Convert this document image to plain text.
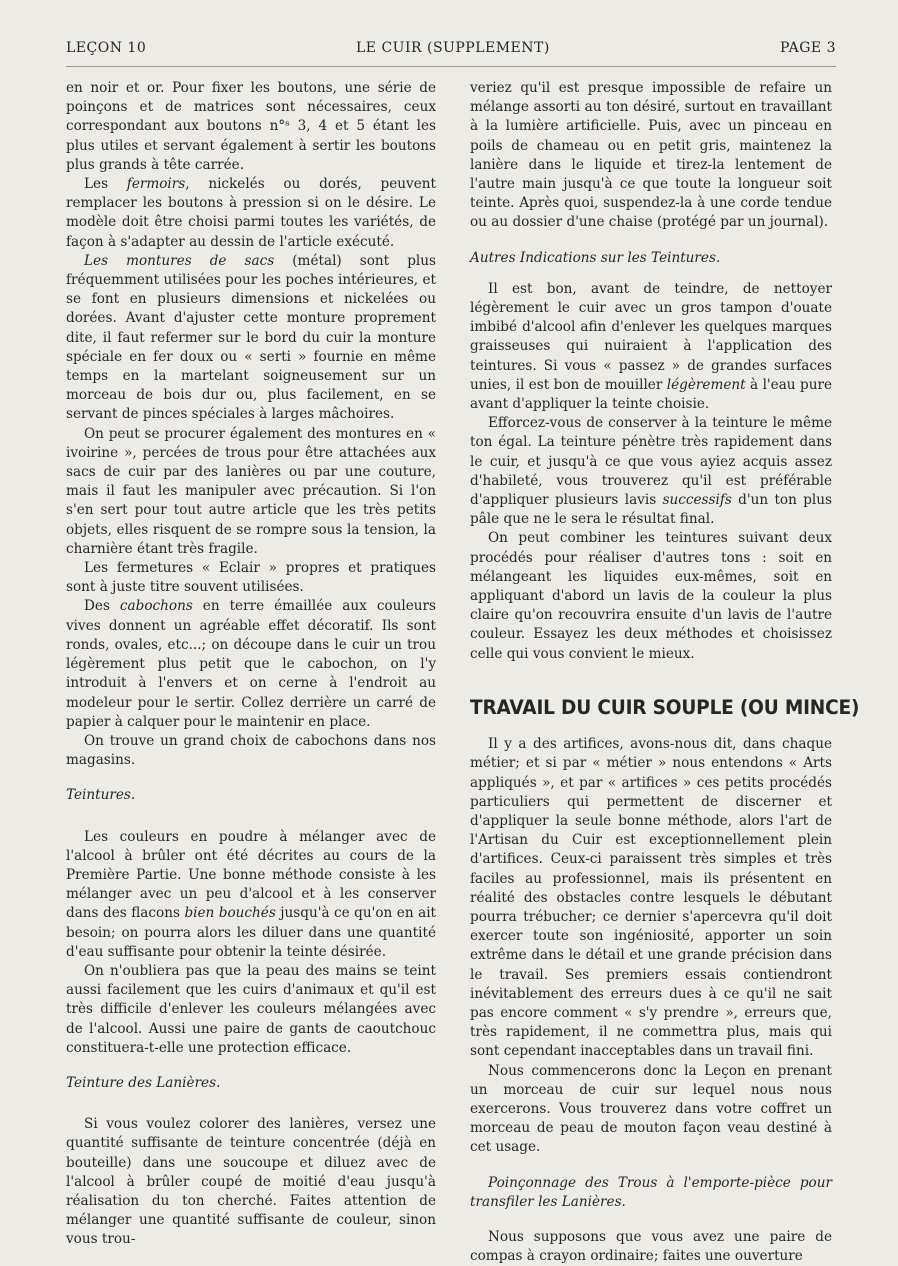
LEÇON 10	LE CUIR (SUPPLEMENT)	PAGE 3

en noir et or. Pour fixer les boutons, une série de poinçons et de matrices sont nécessaires, ceux correspondant aux boutons n°ˢ 3, 4 et 5 étant les plus utiles et servant également à sertir les boutons plus grands à tête carrée.

Les fermoirs, nickelés ou dorés, peuvent remplacer les boutons à pression si on le désire. Le modèle doit être choisi parmi toutes les variétés, de façon à s'adapter au dessin de l'article exécuté.

Les montures de sacs (métal) sont plus fréquemment utilisées pour les poches intérieures, et se font en plusieurs dimensions et nickelées ou dorées. Avant d'ajuster cette monture proprement dite, il faut refermer sur le bord du cuir la monture spéciale en fer doux ou « serti » fournie en même temps en la martelant soigneusement sur un morceau de bois dur ou, plus facilement, en se servant de pinces spéciales à larges mâchoires.

On peut se procurer également des montures en « ivoirine », percées de trous pour être attachées aux sacs de cuir par des lanières ou par une couture, mais il faut les manipuler avec précaution. Si l'on s'en sert pour tout autre article que les très petits objets, elles risquent de se rompre sous la tension, la charnière étant très fragile.

Les fermetures « Eclair » propres et pratiques sont à juste titre souvent utilisées.

Des cabochons en terre émaillée aux couleurs vives donnent un agréable effet décoratif. Ils sont ronds, ovales, etc...; on découpe dans le cuir un trou légèrement plus petit que le cabochon, on l'y introduit à l'envers et on cerne à l'endroit au modeleur pour le sertir. Collez derrière un carré de papier à calquer pour le maintenir en place.

On trouve un grand choix de cabochons dans nos magasins.

Teintures.

Les couleurs en poudre à mélanger avec de l'alcool à brûler ont été décrites au cours de la Première Partie. Une bonne méthode consiste à les mélanger avec un peu d'alcool et à les conserver dans des flacons bien bouchés jusqu'à ce qu'on en ait besoin; on pourra alors les diluer dans une quantité d'eau suffisante pour obtenir la teinte désirée.

On n'oubliera pas que la peau des mains se teint aussi facilement que les cuirs d'animaux et qu'il est très difficile d'enlever les couleurs mélangées avec de l'alcool. Aussi une paire de gants de caoutchouc constituera-t-elle une protection efficace.

Teinture des Lanières.

Si vous voulez colorer des lanières, versez une quantité suffisante de teinture concentrée (déjà en bouteille) dans une soucoupe et diluez avec de l'alcool à brûler coupé de moitié d'eau jusqu'à réalisation du ton cherché. Faites attention de mélanger une quantité suffisante de couleur, sinon vous trou-

veriez qu'il est presque impossible de refaire un mélange assorti au ton désiré, surtout en travaillant à la lumière artificielle. Puis, avec un pinceau en poils de chameau ou en petit gris, maintenez la lanière dans le liquide et tirez-la lentement de l'autre main jusqu'à ce que toute la longueur soit teinte. Après quoi, suspendez-la à une corde tendue ou au dossier d'une chaise (protégé par un journal).

Autres Indications sur les Teintures.

Il est bon, avant de teindre, de nettoyer légèrement le cuir avec un gros tampon d'ouate imbibé d'alcool afin d'enlever les quelques marques graisseuses qui nuiraient à l'application des teintures. Si vous « passez » de grandes surfaces unies, il est bon de mouiller légèrement à l'eau pure avant d'appliquer la teinte choisie.

Efforcez-vous de conserver à la teinture le même ton égal. La teinture pénètre très rapidement dans le cuir, et jusqu'à ce que vous ayiez acquis assez d'habileté, vous trouverez qu'il est préférable d'appliquer plusieurs lavis successifs d'un ton plus pâle que ne le sera le résultat final.

On peut combiner les teintures suivant deux procédés pour réaliser d'autres tons : soit en mélangeant les liquides eux-mêmes, soit en appliquant d'abord un lavis de la couleur la plus claire qu'on recouvrira ensuite d'un lavis de l'autre couleur. Essayez les deux méthodes et choisissez celle qui vous convient le mieux.

TRAVAIL DU CUIR SOUPLE (OU MINCE)

Il y a des artifices, avons-nous dit, dans chaque métier; et si par « métier » nous entendons « Arts appliqués », et par « artifices » ces petits procédés particuliers qui permettent de discerner et d'appliquer la seule bonne méthode, alors l'art de l'Artisan du Cuir est exceptionnellement plein d'artifices. Ceux-ci paraissent très simples et très faciles au professionnel, mais ils présentent en réalité des obstacles contre lesquels le débutant pourra trébucher; ce dernier s'apercevra qu'il doit exercer toute son ingéniosité, apporter un soin extrême dans le détail et une grande précision dans le travail. Ses premiers essais contiendront inévitablement des erreurs dues à ce qu'il ne sait pas encore comment « s'y prendre », erreurs que, très rapidement, il ne commettra plus, mais qui sont cependant inacceptables dans un travail fini.

Nous commencerons donc la Leçon en prenant un morceau de cuir sur lequel nous nous exercerons. Vous trouverez dans votre coffret un morceau de peau de mouton façon veau destiné à cet usage.

Poinçonnage des Trous à l'emporte-pièce pour transfiler les Lanières.

Nous supposons que vous avez une paire de compas à crayon ordinaire; faites une ouverture
